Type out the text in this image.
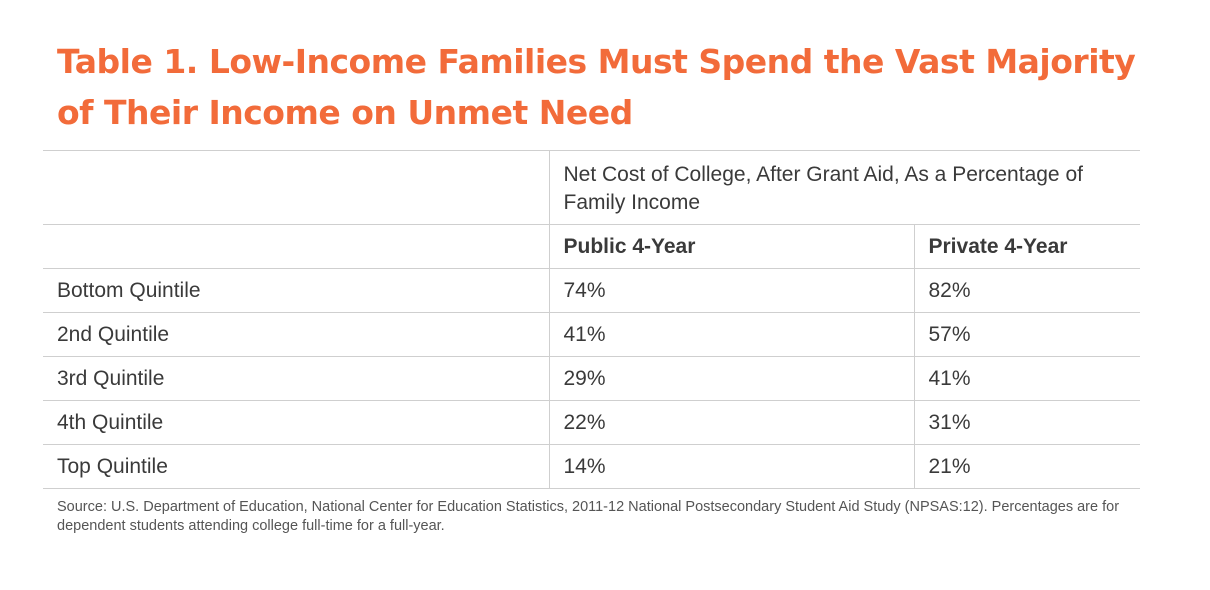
Table 1. Low-Income Families Must Spend the Vast Majority
of Their Income on Unmet Need
	Net Cost of College, After Grant Aid, As a Percentage of Family Income	
	Public 4-Year	Private 4-Year
Bottom Quintile	74%	82%
2nd Quintile	41%	57%
3rd Quintile	29%	41%
4th Quintile	22%	31%
Top Quintile	14%	21%

Source: U.S. Department of Education, National Center for Education Statistics, 2011-12 National Postsecondary Student Aid Study (NPSAS:12). Percentages are for dependent students attending college full-time for a full-year.
